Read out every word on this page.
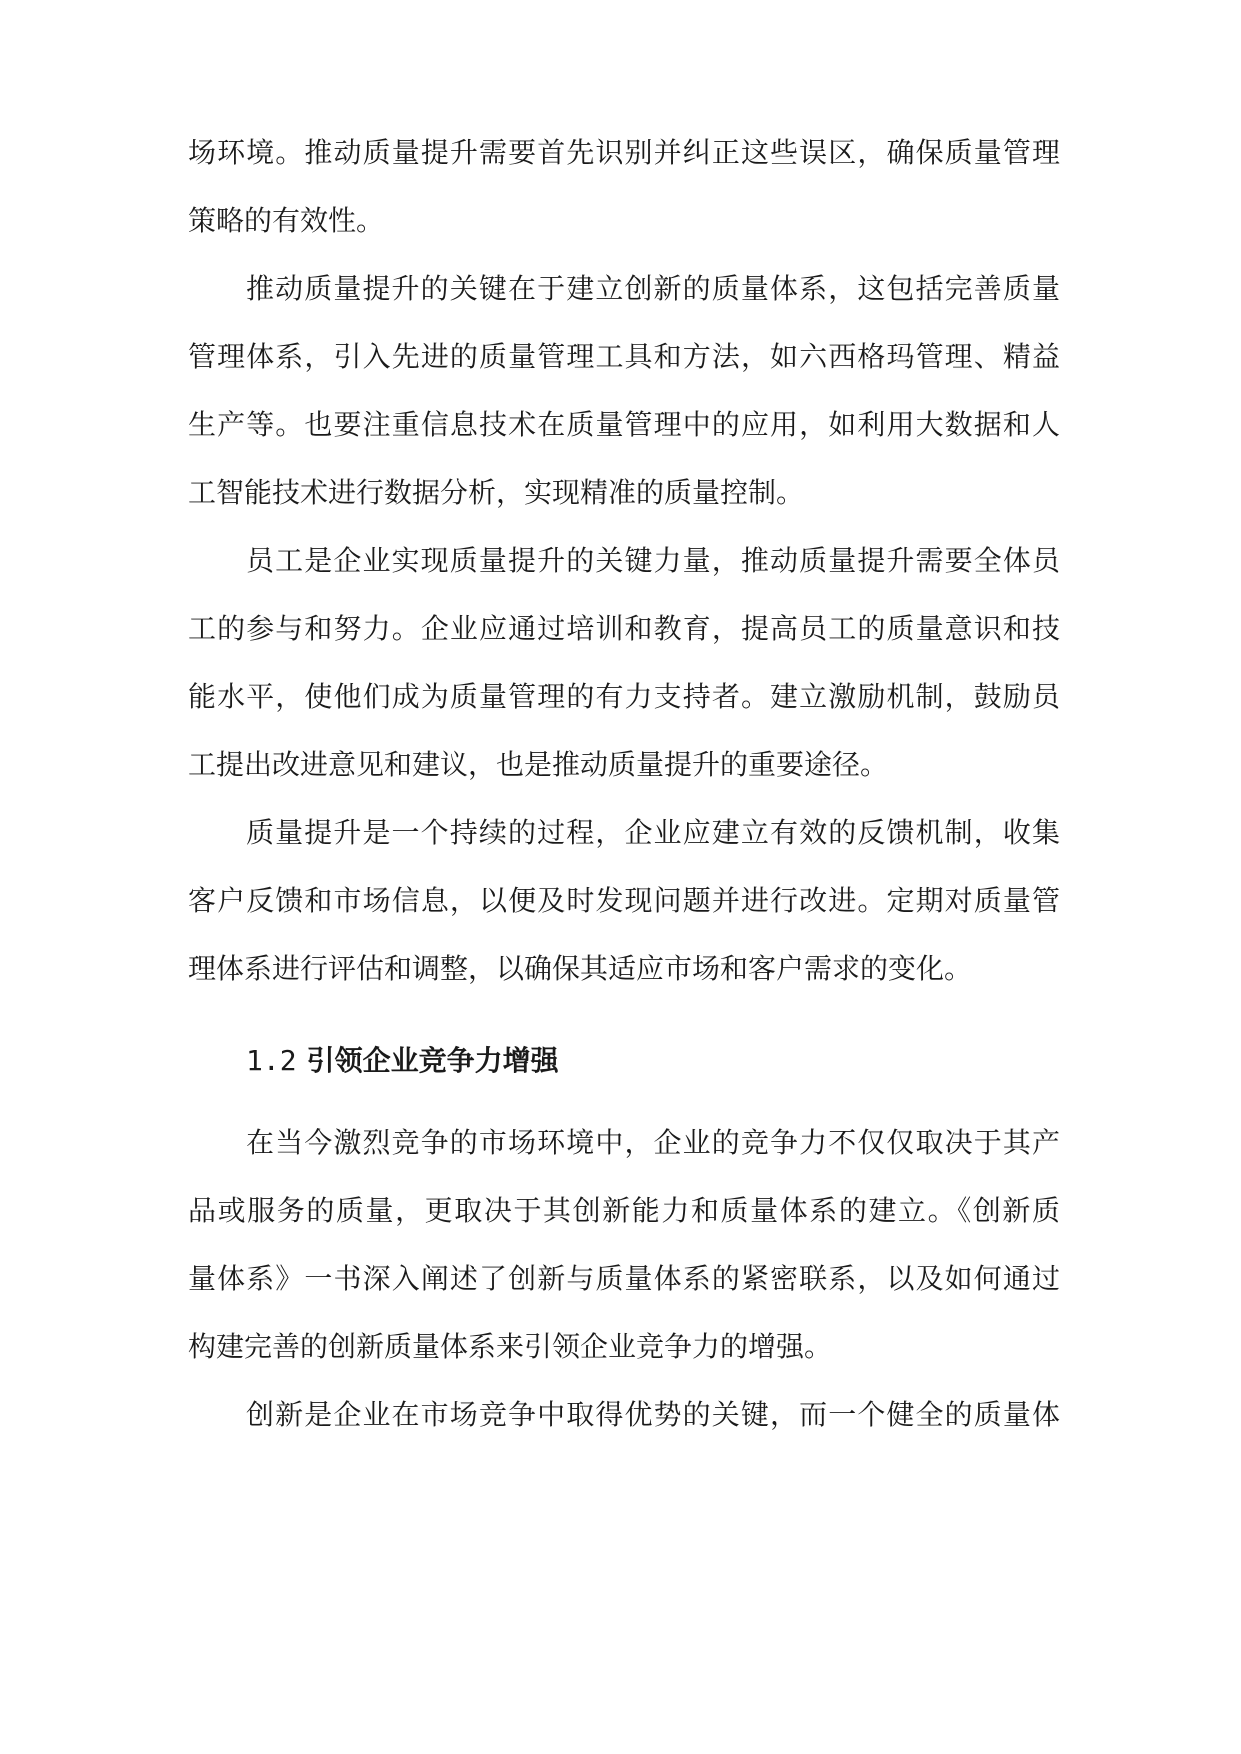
场环境。推动质量提升需要首先识别并纠正这些误区，确保质量管理
策略的有效性。
推动质量提升的关键在于建立创新的质量体系，这包括完善质量
管理体系，引入先进的质量管理工具和方法，如六西格玛管理、精益
生产等。也要注重信息技术在质量管理中的应用，如利用大数据和人
工智能技术进行数据分析，实现精准的质量控制。
员工是企业实现质量提升的关键力量，推动质量提升需要全体员
工的参与和努力。企业应通过培训和教育，提高员工的质量意识和技
能水平，使他们成为质量管理的有力支持者。建立激励机制，鼓励员
工提出改进意见和建议，也是推动质量提升的重要途径。
质量提升是一个持续的过程，企业应建立有效的反馈机制，收集
客户反馈和市场信息，以便及时发现问题并进行改进。定期对质量管
理体系进行评估和调整，以确保其适应市场和客户需求的变化。
1.2 引领企业竞争力增强
在当今激烈竞争的市场环境中，企业的竞争力不仅仅取决于其产
品或服务的质量，更取决于其创新能力和质量体系的建立。《创新质
量体系》一书深入阐述了创新与质量体系的紧密联系，以及如何通过
构建完善的创新质量体系来引领企业竞争力的增强。
创新是企业在市场竞争中取得优势的关键，而一个健全的质量体
